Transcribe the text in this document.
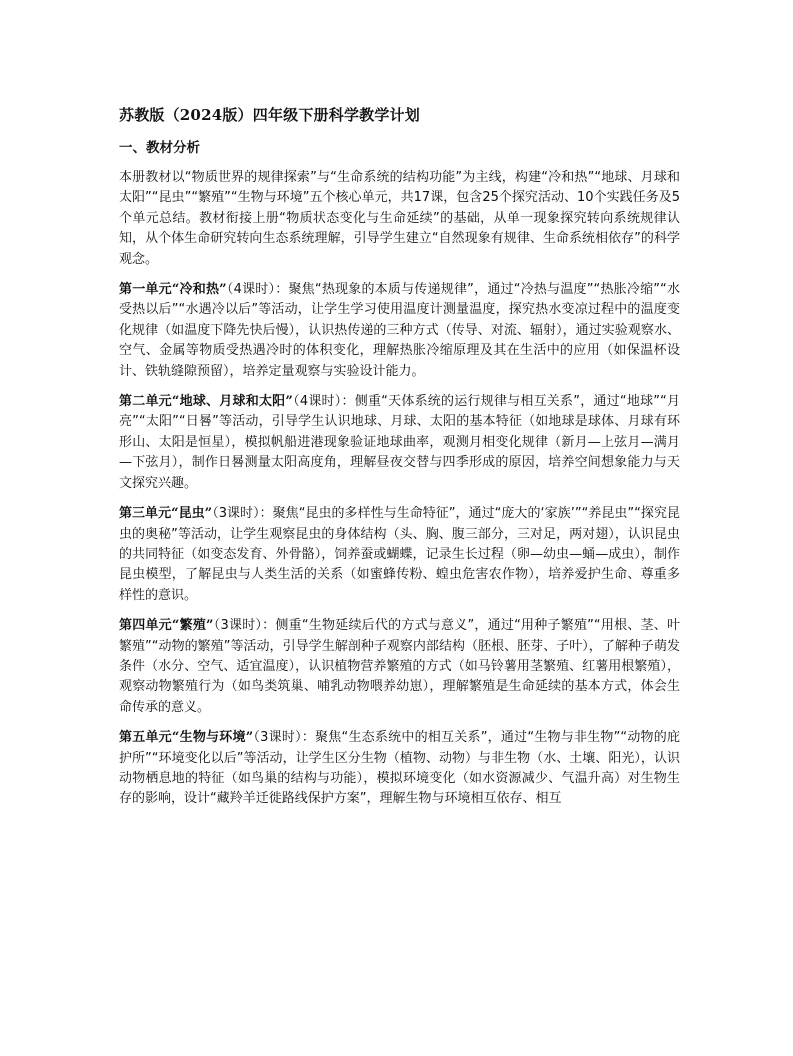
苏教版（2024版）四年级下册科学教学计划
一、教材分析

本册教材以“物质世界的规律探索”与“生命系统的结构功能”为主线，构建“冷和热”“地球、月球和太阳”“昆虫”“繁殖”“生物与环境”五个核心单元，共17课，包含25个探究活动、10个实践任务及5个单元总结。教材衔接上册“物质状态变化与生命延续”的基础，从单一现象探究转向系统规律认知，从个体生命研究转向生态系统理解，引导学生建立“自然现象有规律、生命系统相依存”的科学观念。

第一单元“冷和热”（4课时）：聚焦“热现象的本质与传递规律”，通过“冷热与温度”“热胀冷缩”“水受热以后”“水遇冷以后”等活动，让学生学习使用温度计测量温度，探究热水变凉过程中的温度变化规律（如温度下降先快后慢），认识热传递的三种方式（传导、对流、辐射），通过实验观察水、空气、金属等物质受热遇冷时的体积变化，理解热胀冷缩原理及其在生活中的应用（如保温杯设计、铁轨缝隙预留），培养定量观察与实验设计能力。

第二单元“地球、月球和太阳”（4课时）：侧重“天体系统的运行规律与相互关系”，通过“地球”“月亮”“太阳”“日晷”等活动，引导学生认识地球、月球、太阳的基本特征（如地球是球体、月球有环形山、太阳是恒星），模拟帆船进港现象验证地球曲率，观测月相变化规律（新月—上弦月—满月—下弦月），制作日晷测量太阳高度角，理解昼夜交替与四季形成的原因，培养空间想象能力与天文探究兴趣。

第三单元“昆虫”（3课时）：聚焦“昆虫的多样性与生命特征”，通过“庞大的‘家族’”“养昆虫”“探究昆虫的奥秘”等活动，让学生观察昆虫的身体结构（头、胸、腹三部分，三对足，两对翅），认识昆虫的共同特征（如变态发育、外骨骼），饲养蚕或蝴蝶，记录生长过程（卵—幼虫—蛹—成虫），制作昆虫模型，了解昆虫与人类生活的关系（如蜜蜂传粉、蝗虫危害农作物），培养爱护生命、尊重多样性的意识。

第四单元“繁殖”（3课时）：侧重“生物延续后代的方式与意义”，通过“用种子繁殖”“用根、茎、叶繁殖”“动物的繁殖”等活动，引导学生解剖种子观察内部结构（胚根、胚芽、子叶），了解种子萌发条件（水分、空气、适宜温度），认识植物营养繁殖的方式（如马铃薯用茎繁殖、红薯用根繁殖），观察动物繁殖行为（如鸟类筑巢、哺乳动物喂养幼崽），理解繁殖是生命延续的基本方式，体会生命传承的意义。

第五单元“生物与环境”（3课时）：聚焦“生态系统中的相互关系”，通过“生物与非生物”“动物的庇护所”“环境变化以后”等活动，让学生区分生物（植物、动物）与非生物（水、土壤、阳光），认识动物栖息地的特征（如鸟巢的结构与功能），模拟环境变化（如水资源减少、气温升高）对生物生存的影响，设计“藏羚羊迁徙路线保护方案”，理解生物与环境相互依存、相互
